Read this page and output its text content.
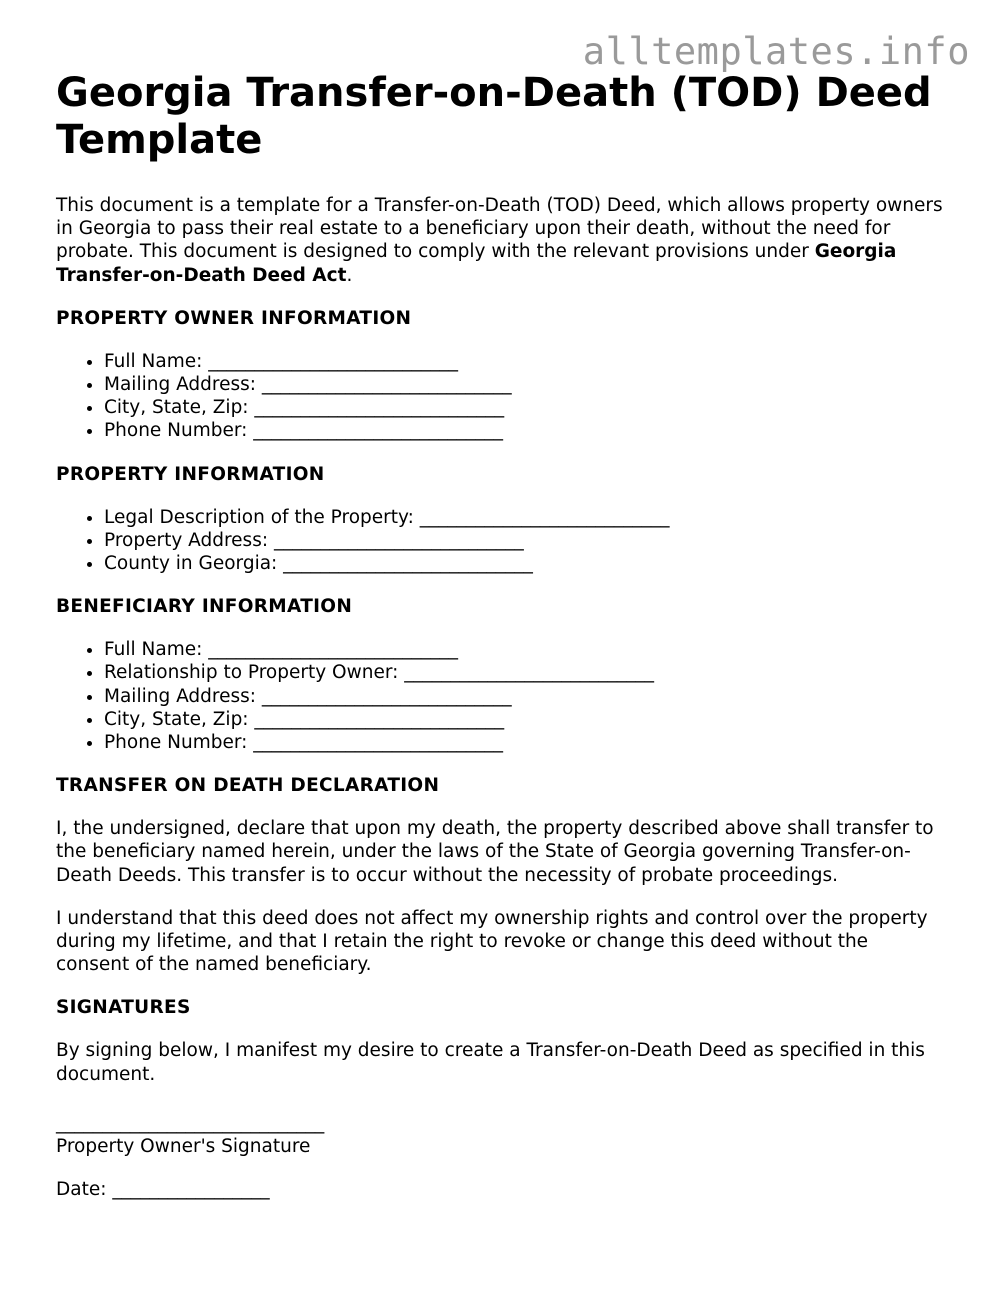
alltemplates.info
Georgia Transfer-on-Death (TOD) Deed Template

This document is a template for a Transfer-on-Death (TOD) Deed, which allows property owners in Georgia to pass their real estate to a beneficiary upon their death, without the need for probate. This document is designed to comply with the relevant provisions under Georgia Transfer-on-Death Deed Act.

PROPERTY OWNER INFORMATION
• Full Name: ___________________________
• Mailing Address: ___________________________
• City, State, Zip: ___________________________
• Phone Number: ___________________________
PROPERTY INFORMATION
• Legal Description of the Property: ___________________________
• Property Address: ___________________________
• County in Georgia: ___________________________
BENEFICIARY INFORMATION
• Full Name: ___________________________
• Relationship to Property Owner: ___________________________
• Mailing Address: ___________________________
• City, State, Zip: ___________________________
• Phone Number: ___________________________
TRANSFER ON DEATH DECLARATION

I, the undersigned, declare that upon my death, the property described above shall transfer to the beneficiary named herein, under the laws of the State of Georgia governing Transfer-on-Death Deeds. This transfer is to occur without the necessity of probate proceedings.

I understand that this deed does not affect my ownership rights and control over the property during my lifetime, and that I retain the right to revoke or change this deed without the consent of the named beneficiary.

SIGNATURES

By signing below, I manifest my desire to create a Transfer-on-Death Deed as specified in this document.

_____________________________

Property Owner's Signature

Date: _________________
